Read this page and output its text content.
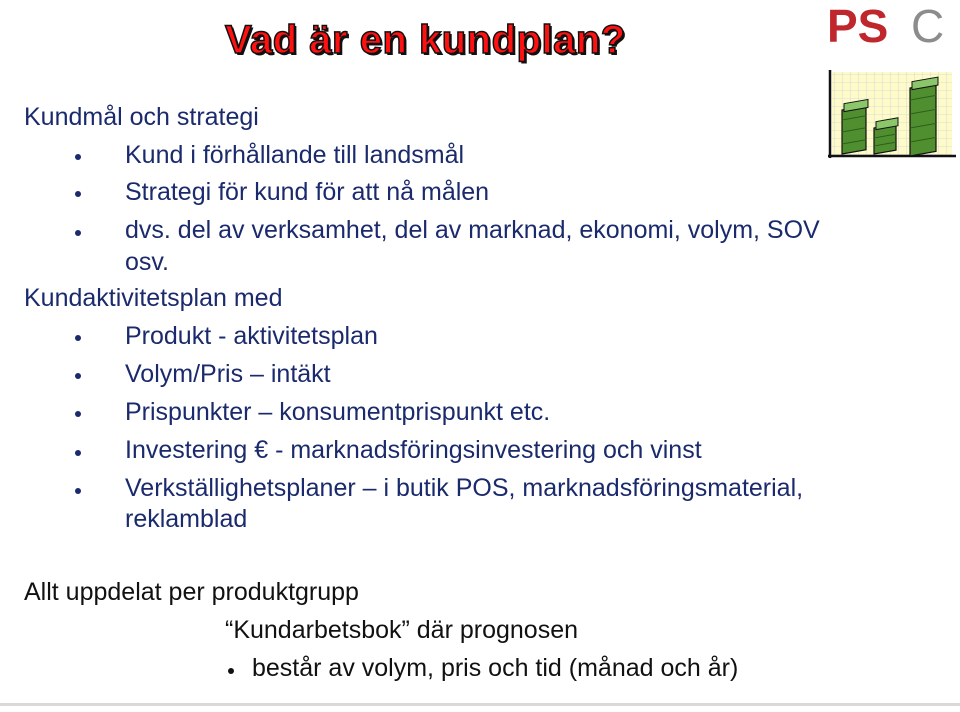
Vad är en kundplan?	PS C
Kundmål och strategi
Kund i förhållande till landsmål
Strategi för kund för att nå målen
dvs. del av verksamhet, del av marknad, ekonomi, volym, SOV
osv.
Kundaktivitetsplan med
Produkt - aktivitetsplan
Volym/Pris – intäkt
Prispunkter – konsumentprispunkt etc.
Investering € - marknadsföringsinvestering och vinst
Verkställighetsplaner – i butik POS, marknadsföringsmaterial,
reklamblad
Allt uppdelat per produktgrupp
“Kundarbetsbok” där prognosen
består av volym, pris och tid (månad och år)
